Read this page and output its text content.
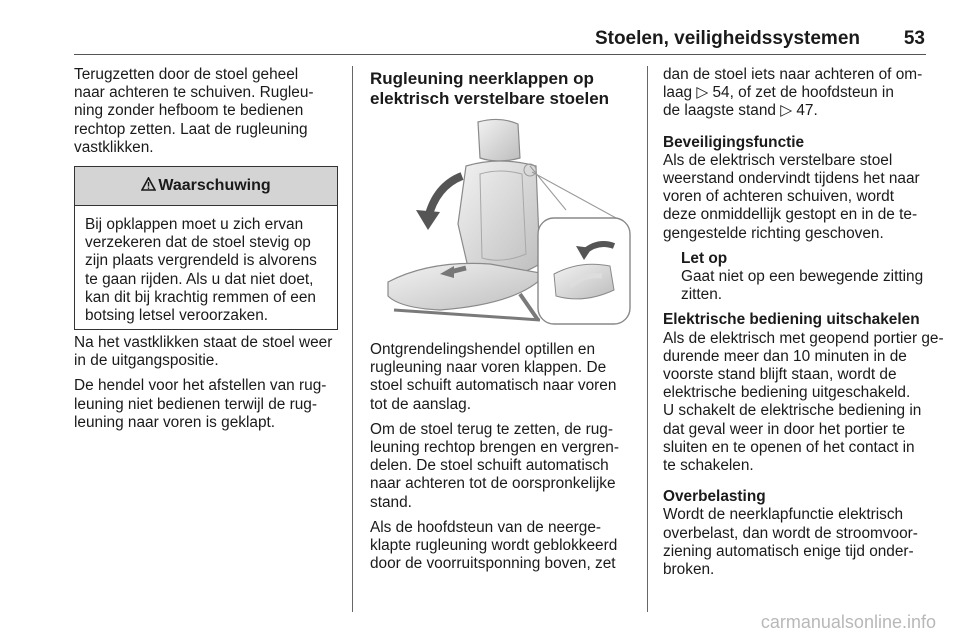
Stoelen, veiligheidssystemen	53
Terugzetten door de stoel geheel
naar achteren te schuiven. Rugleu-
ning zonder hefboom te bedienen
rechtop zetten. Laat de rugleuning
vastklikken.
Waarschuwing
Bij opklappen moet u zich ervan
verzekeren dat de stoel stevig op
zijn plaats vergrendeld is alvorens
te gaan rijden. Als u dat niet doet,
kan dit bij krachtig remmen of een
botsing letsel veroorzaken.

Na het vastklikken staat de stoel weer
in de uitgangspositie.

De hendel voor het afstellen van rug-
leuning niet bedienen terwijl de rug-
leuning naar voren is geklapt.

Rugleuning neerklappen op
elektrisch verstelbare stoelen

Ontgrendelingshendel optillen en
rugleuning naar voren klappen. De
stoel schuift automatisch naar voren
tot de aanslag.

Om de stoel terug te zetten, de rug-
leuning rechtop brengen en vergren-
delen. De stoel schuift automatisch
naar achteren tot de oorspronkelijke
stand.

Als de hoofdsteun van de neerge-
klapte rugleuning wordt geblokkeerd
door de voorruitsponning boven, zet

dan de stoel iets naar achteren of om-
laag ▷ 54, of zet de hoofdsteun in
de laagste stand ▷ 47.

Beveiligingsfunctie
Als de elektrisch verstelbare stoel
weerstand ondervindt tijdens het naar
voren of achteren schuiven, wordt
deze onmiddellijk gestopt en in de te-
gengestelde richting geschoven.

Let op
Gaat niet op een bewegende zitting
zitten.

Elektrische bediening uitschakelen
Als de elektrisch met geopend portier ge-
durende meer dan 10 minuten in de
voorste stand blijft staan, wordt de
elektrische bediening uitgeschakeld.
U schakelt de elektrische bediening in
dat geval weer in door het portier te
sluiten en te openen of het contact in
te schakelen.

Overbelasting
Wordt de neerklapfunctie elektrisch
overbelast, dan wordt de stroomvoor-
ziening automatisch enige tijd onder-
broken.

carmanualsonline.info
